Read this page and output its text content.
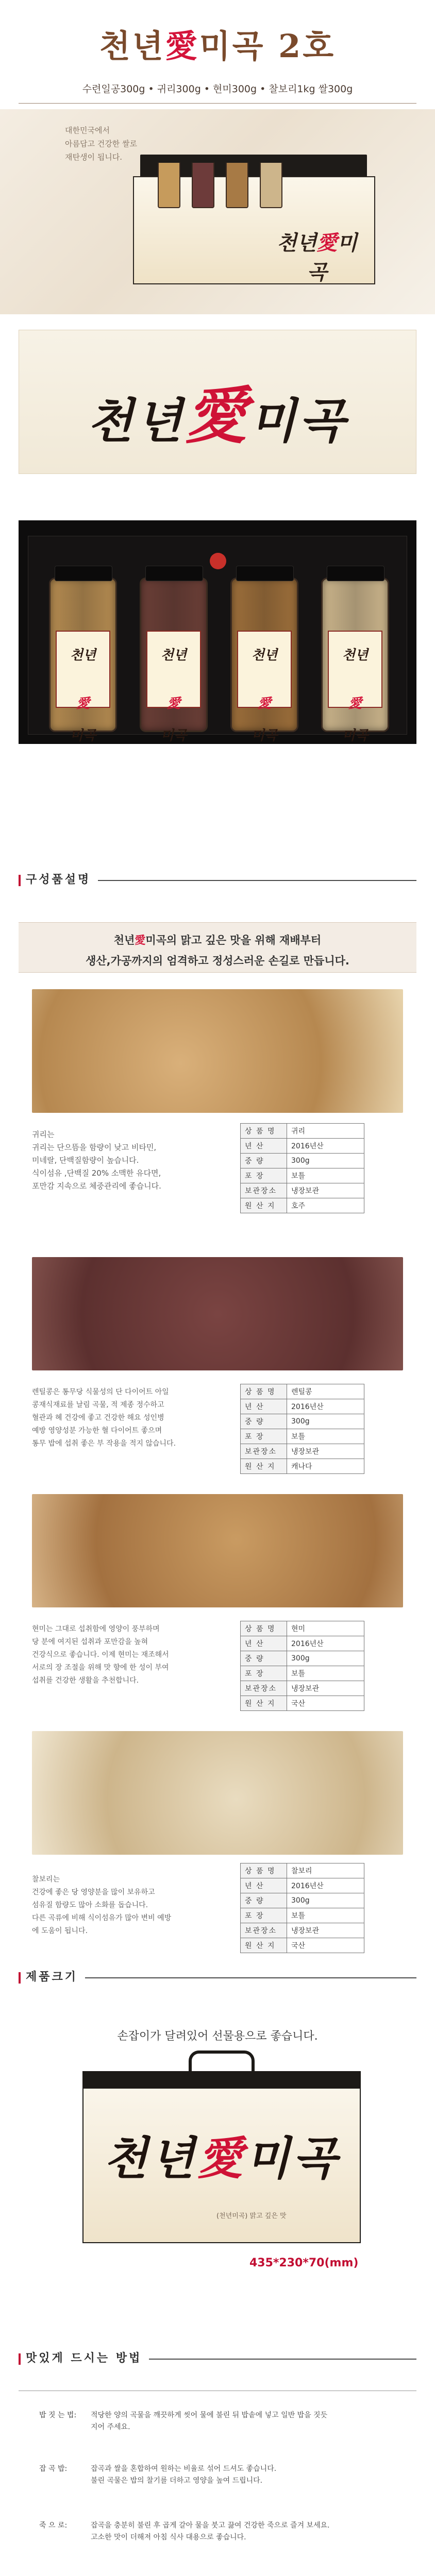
천년愛미곡 2호
수련일공300g • 귀리300g • 현미300g • 찰보리1kg 쌀300g
대한민국에서
아름답고 건강한 쌀로
재탄생이 됩니다.
천년愛미곡
천년愛미곡
천년

愛
미곡
천년

愛
미곡
천년

愛
미곡
천년

愛
미곡
구성품설명
천년愛미곡의 맑고 깊은 맛을 위해 재배부터
생산,가공까지의 엄격하고 정성스러운 손길로 만듭니다.
귀리는
귀리는 단으뜸을 함량이 낮고 비타민,
미네랄, 단백질함량이 높습니다.
식이섬유 ,단백질 20% 소맥한 유다면,
포만감 지속으로 체중관리에 좋습니다.
상 품 명	귀리
년 산	2016년산
중 량	300g
포 장	보틀
보관장소	냉장보관
원 산 지	호주
렌틸콩은 통무당 식물성의 단 다이어트 아일
콩재식재료를 날림 곡물, 적 제종 정수하고
혈관과 혜 건강에 좋고 건강한 해요 성인병
예방 영양성분 가능한 혈 다이어트 좋으며
통무 밥에 섭취 좋은 부 작용을 적지 않습니다.
상 품 명	렌틸콩
년 산	2016년산
중 량	300g
포 장	보틀
보관장소	냉장보관
원 산 지	캐나다
현미는 그대로 섭취함에 영양이 풍부하며
당 분에 여지된 섭취과 포만감을 높혀
건강식으로 좋습니다. 이제 현미는 재조해서
서로의 장 조절을 위해 맛 향에 한 성이 부여
섭취를 건강한 생활을 추천합니다.
상 품 명	현미
년 산	2016년산
중 량	300g
포 장	보틀
보관장소	냉장보관
원 산 지	국산
찰보리는
건강에 좋은 당 영양분을 많이 보유하고
섬유질 함량도 많아 소화를 돕습니다.
다른 곡류에 비해 식이섬유가 많아 변비 예방
에 도움이 됩니다.
상 품 명	찰보리
년 산	2016년산
중 량	300g
포 장	보틀
보관장소	냉장보관
원 산 지	국산
제품크기
손잡이가 달려있어 선물용으로 좋습니다.
천년愛미곡
(천년미곡) 맑고 깊은 맛
435*230*70(mm)
맛있게 드시는 방법
밥 짓 는 법:	적당한 양의 곡물을 깨끗하게 씻어 물에 불린 뒤 밥솥에 넣고 일반 밥을 짓듯
지어 주세요.
잡 곡 밥:	잡곡과 쌀을 혼합하여 원하는 비율로 섞어 드셔도 좋습니다.
불린 곡물은 밥의 찰기를 더하고 영양을 높여 드립니다.
죽 으 로:	잡곡을 충분히 불린 후 곱게 갈아 물을 붓고 끓여 건강한 죽으로 즐겨 보세요.
고소한 맛이 더해져 아침 식사 대용으로 좋습니다.
